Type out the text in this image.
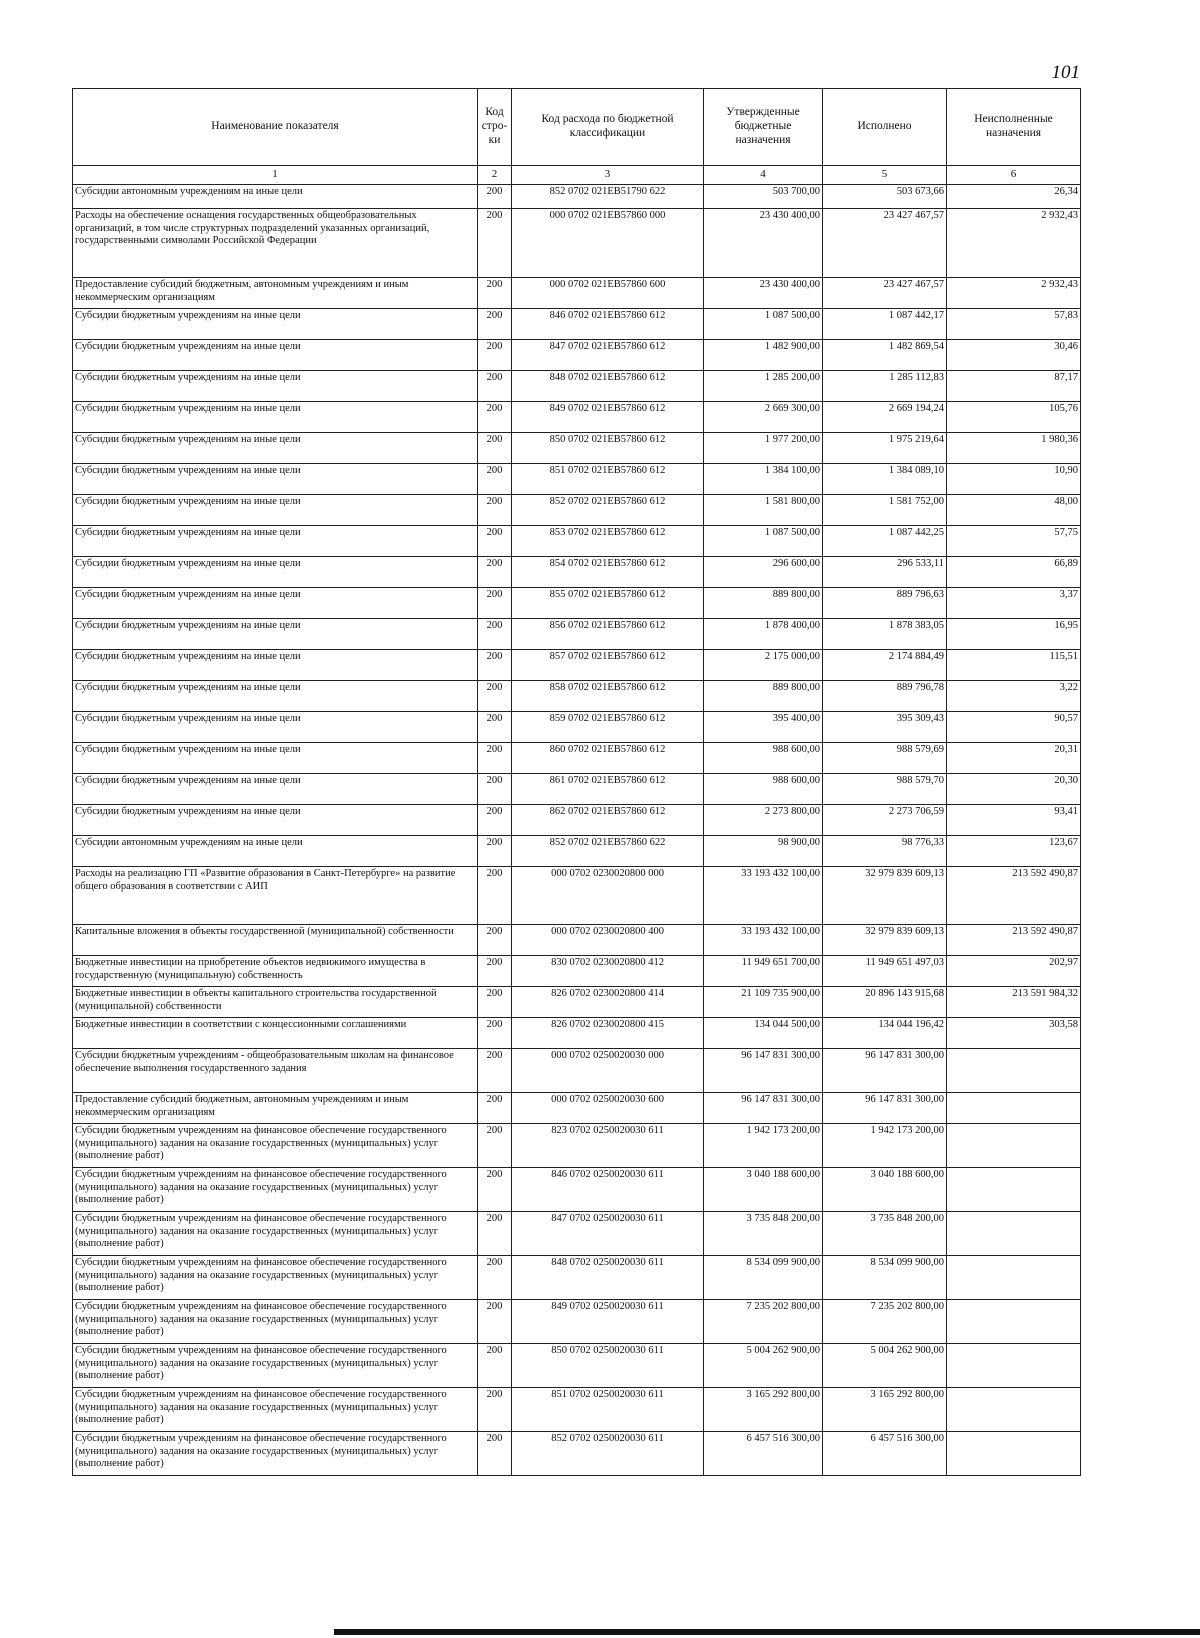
101
Наименование показателя	Код стро-ки	Код расхода по бюджетной классификации	Утвержденные бюджетные назначения	Исполнено	Неисполненные назначения
1	2	3	4	5	6
Субсидии автономным учреждениям на иные цели	200	852 0702 021EB51790 622	503 700,00	503 673,66	26,34
Расходы на обеспечение оснащения государственных общеобразовательных организаций, в том числе структурных подразделений указанных организаций, государственными символами Российской Федерации	200	000 0702 021EB57860 000	23 430 400,00	23 427 467,57	2 932,43
Предоставление субсидий бюджетным, автономным учреждениям и иным некоммерческим организациям	200	000 0702 021EB57860 600	23 430 400,00	23 427 467,57	2 932,43
Субсидии бюджетным учреждениям на иные цели	200	846 0702 021EB57860 612	1 087 500,00	1 087 442,17	57,83
Субсидии бюджетным учреждениям на иные цели	200	847 0702 021EB57860 612	1 482 900,00	1 482 869,54	30,46
Субсидии бюджетным учреждениям на иные цели	200	848 0702 021EB57860 612	1 285 200,00	1 285 112,83	87,17
Субсидии бюджетным учреждениям на иные цели	200	849 0702 021EB57860 612	2 669 300,00	2 669 194,24	105,76
Субсидии бюджетным учреждениям на иные цели	200	850 0702 021EB57860 612	1 977 200,00	1 975 219,64	1 980,36
Субсидии бюджетным учреждениям на иные цели	200	851 0702 021EB57860 612	1 384 100,00	1 384 089,10	10,90
Субсидии бюджетным учреждениям на иные цели	200	852 0702 021EB57860 612	1 581 800,00	1 581 752,00	48,00
Субсидии бюджетным учреждениям на иные цели	200	853 0702 021EB57860 612	1 087 500,00	1 087 442,25	57,75
Субсидии бюджетным учреждениям на иные цели	200	854 0702 021EB57860 612	296 600,00	296 533,11	66,89
Субсидии бюджетным учреждениям на иные цели	200	855 0702 021EB57860 612	889 800,00	889 796,63	3,37
Субсидии бюджетным учреждениям на иные цели	200	856 0702 021EB57860 612	1 878 400,00	1 878 383,05	16,95
Субсидии бюджетным учреждениям на иные цели	200	857 0702 021EB57860 612	2 175 000,00	2 174 884,49	115,51
Субсидии бюджетным учреждениям на иные цели	200	858 0702 021EB57860 612	889 800,00	889 796,78	3,22
Субсидии бюджетным учреждениям на иные цели	200	859 0702 021EB57860 612	395 400,00	395 309,43	90,57
Субсидии бюджетным учреждениям на иные цели	200	860 0702 021EB57860 612	988 600,00	988 579,69	20,31
Субсидии бюджетным учреждениям на иные цели	200	861 0702 021EB57860 612	988 600,00	988 579,70	20,30
Субсидии бюджетным учреждениям на иные цели	200	862 0702 021EB57860 612	2 273 800,00	2 273 706,59	93,41
Субсидии автономным учреждениям на иные цели	200	852 0702 021EB57860 622	98 900,00	98 776,33	123,67
Расходы на реализацию ГП «Развитие образования в Санкт-Петербурге» на развитие общего образования в соответствии с АИП	200	000 0702 0230020800 000	33 193 432 100,00	32 979 839 609,13	213 592 490,87
Капитальные вложения в объекты государственной (муниципальной) собственности	200	000 0702 0230020800 400	33 193 432 100,00	32 979 839 609,13	213 592 490,87
Бюджетные инвестиции на приобретение объектов недвижимого имущества в государственную (муниципальную) собственность	200	830 0702 0230020800 412	11 949 651 700,00	11 949 651 497,03	202,97
Бюджетные инвестиции в объекты капитального строительства государственной (муниципальной) собственности	200	826 0702 0230020800 414	21 109 735 900,00	20 896 143 915,68	213 591 984,32
Бюджетные инвестиции в соответствии с концессионными соглашениями	200	826 0702 0230020800 415	134 044 500,00	134 044 196,42	303,58
Субсидии бюджетным учреждениям - общеобразовательным школам на финансовое обеспечение выполнения государственного задания	200	000 0702 0250020030 000	96 147 831 300,00	96 147 831 300,00	
Предоставление субсидий бюджетным, автономным учреждениям и иным некоммерческим организациям	200	000 0702 0250020030 600	96 147 831 300,00	96 147 831 300,00	
Субсидии бюджетным учреждениям на финансовое обеспечение государственного (муниципального) задания на оказание государственных (муниципальных) услуг (выполнение работ)	200	823 0702 0250020030 611	1 942 173 200,00	1 942 173 200,00	
Субсидии бюджетным учреждениям на финансовое обеспечение государственного (муниципального) задания на оказание государственных (муниципальных) услуг (выполнение работ)	200	846 0702 0250020030 611	3 040 188 600,00	3 040 188 600,00	
Субсидии бюджетным учреждениям на финансовое обеспечение государственного (муниципального) задания на оказание государственных (муниципальных) услуг (выполнение работ)	200	847 0702 0250020030 611	3 735 848 200,00	3 735 848 200,00	
Субсидии бюджетным учреждениям на финансовое обеспечение государственного (муниципального) задания на оказание государственных (муниципальных) услуг (выполнение работ)	200	848 0702 0250020030 611	8 534 099 900,00	8 534 099 900,00	
Субсидии бюджетным учреждениям на финансовое обеспечение государственного (муниципального) задания на оказание государственных (муниципальных) услуг (выполнение работ)	200	849 0702 0250020030 611	7 235 202 800,00	7 235 202 800,00	
Субсидии бюджетным учреждениям на финансовое обеспечение государственного (муниципального) задания на оказание государственных (муниципальных) услуг (выполнение работ)	200	850 0702 0250020030 611	5 004 262 900,00	5 004 262 900,00	
Субсидии бюджетным учреждениям на финансовое обеспечение государственного (муниципального) задания на оказание государственных (муниципальных) услуг (выполнение работ)	200	851 0702 0250020030 611	3 165 292 800,00	3 165 292 800,00	
Субсидии бюджетным учреждениям на финансовое обеспечение государственного (муниципального) задания на оказание государственных (муниципальных) услуг (выполнение работ)	200	852 0702 0250020030 611	6 457 516 300,00	6 457 516 300,00	
